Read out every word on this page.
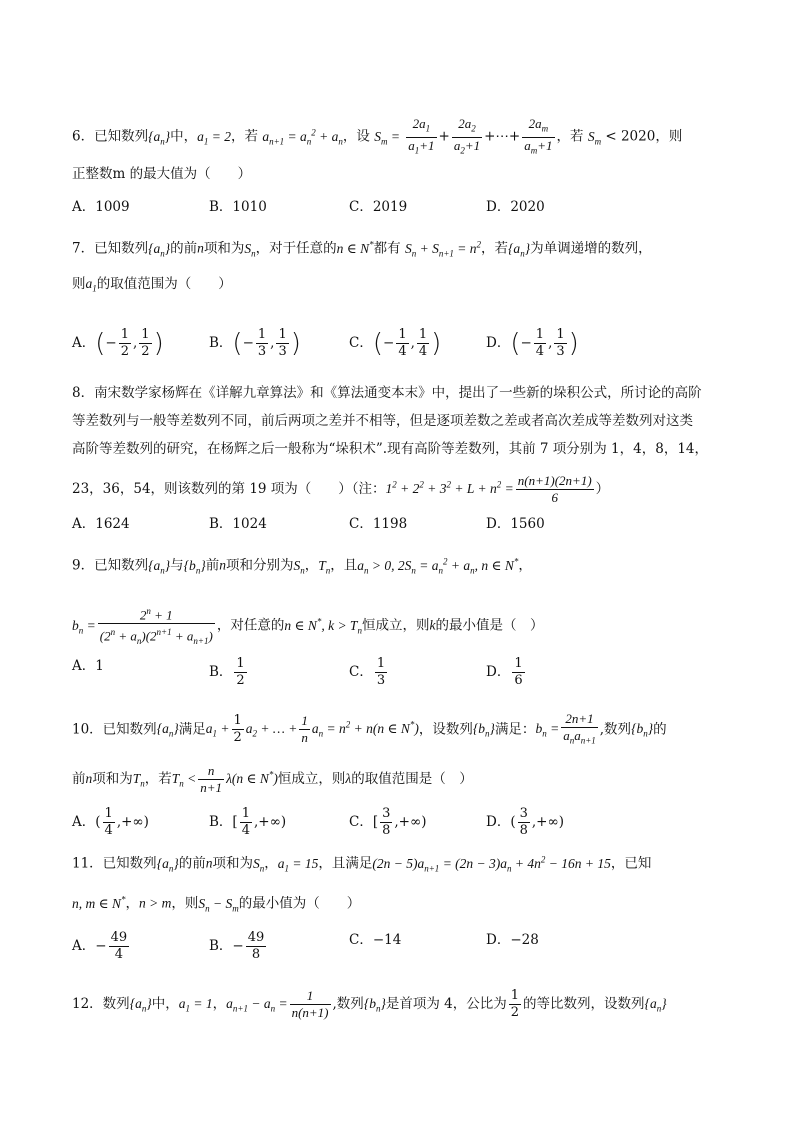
6．已知数列$\{a_n\}$中，$a_1 = 2$，若 $a_{n+1} = a_n^2 + a_n$，设 $S_m = \frac{2a_1}{a_1+1} + \frac{2a_2}{a_2+1}$ +⋯+ $\frac{2a_m}{a_m+1}$ ，若 $S_m < 2020$，则
正整数m 的最大值为（　　）
A．1009	B．1010	C．2019	D．2020
7．已知数列$\{a_n\}$的前n项和为$S_n$，对于任意的n ∈ N*都有 $S_n + S_{n+1} = n^2$，若$\{a_n\}$为单调递增的数列，
则$a_1$的取值范围为（　　）
A．(− $\frac{1}{2}$ , $\frac{1}{2}$ )	B．(− $\frac{1}{3}$ , $\frac{1}{3}$ )	C．(− $\frac{1}{4}$ , $\frac{1}{4}$ )	D．(− $\frac{1}{4}$ , $\frac{1}{3}$ )
8．南宋数学家杨辉在《详解九章算法》和《算法通变本末》中，提出了一些新的垛积公式，所讨论的高阶
等差数列与一般等差数列不同，前后两项之差并不相等，但是逐项差数之差或者高次差成等差数列对这类
高阶等差数列的研究，在杨辉之后一般称为“垛积术”.现有高阶等差数列，其前 7 项分别为 1，4，8，14，
23，36，54，则该数列的第 19 项为（　　）（注：$1^2 + 2^2 + 3^2 + L + n^2 = \frac{n(n+1)(2n+1)}{6}$ ）
A．1624	B．1024	C．1198	D．1560
9．已知数列$\{a_n\}$与$\{b_n\}$前n项和分别为$S_n$，$T_n$，且$a_n > 0$, $2S_n = a_n^2 + a_n$, n ∈ N*，
$b_n = \frac{2^n + 1}{(2^n + a_n)(2^{n+1} + a_{n+1})}$ ，对任意的n ∈ N*, $k > T_n$恒成立，则k的最小值是（　）
A．1	B． $\frac{1}{2}$	C． $\frac{1}{3}$	D． $\frac{1}{6}$
10．已知数列$\{a_n\}$满足$a_1 + \frac{1}{2} a_2$ + … + $\frac{1}{n} a_n = n^2 + n(n$ ∈ N*)，设数列$\{b_n\}$满足：$b_n = \frac{2n+1}{a_na_{n+1}}$ ,数列$\{b_n\}$的
前n项和为$T_n$，若$T_n < \frac{n}{n+1} \lambda(n$ ∈ N*)恒成立，则λ的取值范围是（　）
A．( $\frac{1}{4}$ ,+∞)	B．[ $\frac{1}{4}$ ,+∞)	C．[ $\frac{3}{8}$ ,+∞)	D．( $\frac{3}{8}$ ,+∞)
11．已知数列$\{a_n\}$的前n项和为$S_n$，$a_1 = 15$，且满足$(2n - 5)a_{n+1} = (2n - 3)a_n + 4n^2 - 16n + 15$，已知
n, m ∈ N*，n > m，则$S_n - S_m$的最小值为（　　）
A．− $\frac{49}{4}$	B．− $\frac{49}{8}$	C．−14	D．−28
12．数列$\{a_n\}$中，$a_1 = 1$，$a_{n+1} - a_n = \frac{1}{n(n+1)}$ ,数列$\{b_n\}$是首项为 4，公比为 $\frac{1}{2}$ 的等比数列，设数列$\{a_n\}$
